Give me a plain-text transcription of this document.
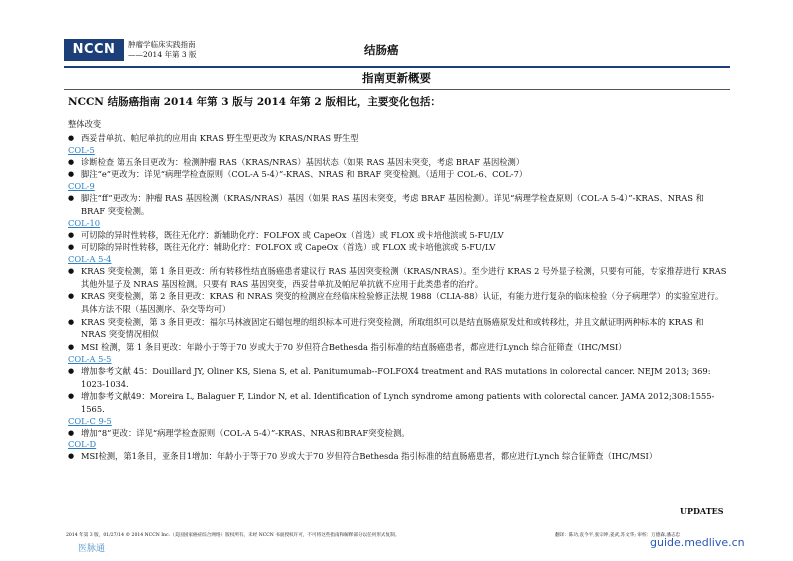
NCCN	肿瘤学临床实践指南
——2014 年第 3 版	结肠癌
指南更新概要
NCCN 结肠癌指南 2014 年第 3 版与 2014 年第 2 版相比，主要变化包括：
整体改变
● 西妥昔单抗、帕尼单抗的应用由 KRAS 野生型更改为 KRAS/NRAS 野生型
COL-5
● 诊断检查 第五条目更改为：检测肿瘤 RAS（KRAS/NRAS）基因状态（如果 RAS 基因未突变，考虑 BRAF 基因检测）
● 脚注“e”更改为：详见“病理学检查原则（COL-A 5-4）”-KRAS、NRAS 和 BRAF 突变检测。（适用于 COL-6、COL-7）
COL-9
● 脚注“ff”更改为：肿瘤 RAS 基因检测（KRAS/NRAS）基因（如果 RAS 基因未突变，考虑 BRAF 基因检测）。详见“病理学检查原则（COL-A 5-4）”-KRAS、NRAS 和 BRAF 突变检测。
COL-10
● 可切除的异时性转移，既往无化疗：新辅助化疗：FOLFOX 或 CapeOx（首选）或 FLOX 或卡培他滨或 5-FU/LV
● 可切除的异时性转移，既往无化疗：辅助化疗：FOLFOX 或 CapeOx（首选）或 FLOX 或卡培他滨或 5-FU/LV
COL-A 5-4
● KRAS 突变检测，第 1 条目更改：所有转移性结直肠癌患者建议行 RAS 基因突变检测（KRAS/NRAS）。至少进行 KRAS 2 号外显子检测，只要有可能，专家推荐进行 KRAS 其他外显子及 NRAS 基因检测。只要有 RAS 基因突变，西妥昔单抗及帕尼单抗就不应用于此类患者的治疗。
● KRAS 突变检测，第 2 条目更改：KRAS 和 NRAS 突变的检测应在经临床检验修正法规 1988（CLIA-88）认证，有能力进行复杂的临床检验（分子病理学）的实验室进行。具体方法不限（基因测序、杂交等均可）
● KRAS 突变检测，第 3 条目更改：福尔马林液固定石蜡包埋的组织标本可进行突变检测，所取组织可以是结直肠癌原发灶和或转移灶，并且文献证明两种标本的 KRAS 和 NRAS 突变情况相似
● MSI 检测，第 1 条目更改：年龄小于等于70 岁或大于70 岁但符合Bethesda 指引标准的结直肠癌患者，都应进行Lynch 综合征筛查（IHC/MSI）
COL-A 5-5
● 增加参考文献 45：Douillard JY, Oliner KS, Siena S, et al. Panitumumab--FOLFOX4 treatment and RAS mutations in colorectal cancer. NEJM 2013; 369: 1023-1034.
● 增加参考文献49：Moreira L, Balaguer F, Lindor N, et al. Identification of Lynch syndrome among patients with colorectal cancer. JAMA 2012;308:1555-1565.
COL-C 9-5
● 增加“8”更改：详见“病理学检查原则（COL-A 5-4）”-KRAS、NRAS和BRAF突变检测。
COL-D
● MSI检测，第1条目，亚条目1增加：年龄小于等于70 岁或大于70 岁但符合Bethesda 指引标准的结直肠癌患者，都应进行Lynch 综合征筛查（IHC/MSI）
UPDATES
2014 年第 3 版，01/27/14 © 2014 NCCN Inc.（美国国家癌症综合网络）版权所有。未经 NCCN 书面授权许可，不可将这些指南和解释部分以任何形式复制。	翻译：陈功,袁今平,张宗坤,姜武,苏文华; 审校：万德森,潘志忠
医脉通	guide.medlive.cn
